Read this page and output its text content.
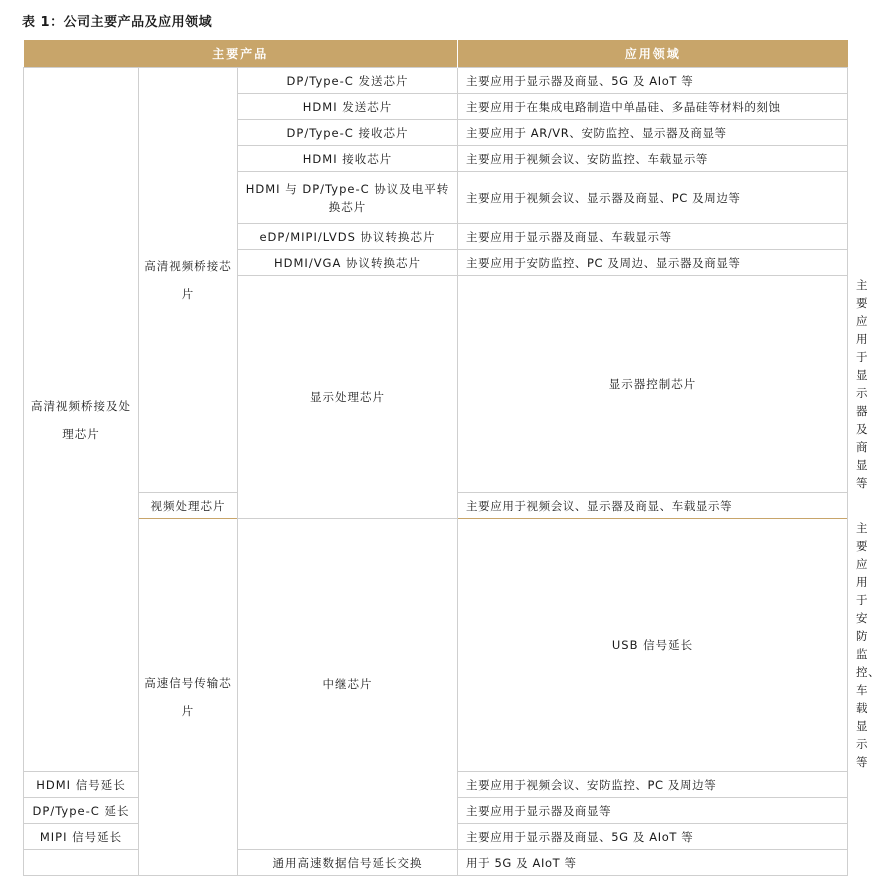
表 1：公司主要产品及应用领域
主要产品			应用领域	
高清视频桥接及处理芯片	高清视频桥接芯片	DP/Type-C 发送芯片	主要应用于显示器及商显、5G 及 AIoT 等	
		HDMI 发送芯片	主要应用于在集成电路制造中单晶硅、多晶硅等材料的刻蚀	
		DP/Type-C 接收芯片	主要应用于 AR/VR、安防监控、显示器及商显等	
		HDMI 接收芯片	主要应用于视频会议、安防监控、车载显示等	
		HDMI 与 DP/Type-C 协议及电平转换芯片	主要应用于视频会议、显示器及商显、PC 及周边等	
		eDP/MIPI/LVDS 协议转换芯片	主要应用于显示器及商显、车载显示等	
		HDMI/VGA 协议转换芯片	主要应用于安防监控、PC 及周边、显示器及商显等	
		显示处理芯片	显示器控制芯片	主要应用于显示器及商显等
	视频处理芯片		主要应用于视频会议、显示器及商显、车载显示等	
	高速信号传输芯片	中继芯片	USB 信号延长	主要应用于安防监控、车载显示等
HDMI 信号延长			主要应用于视频会议、安防监控、PC 及周边等	
DP/Type-C 延长			主要应用于显示器及商显等	
MIPI 信号延长			主要应用于显示器及商显、5G 及 AIoT 等	
		通用高速数据信号延长交换	用于 5G 及 AIoT 等	
